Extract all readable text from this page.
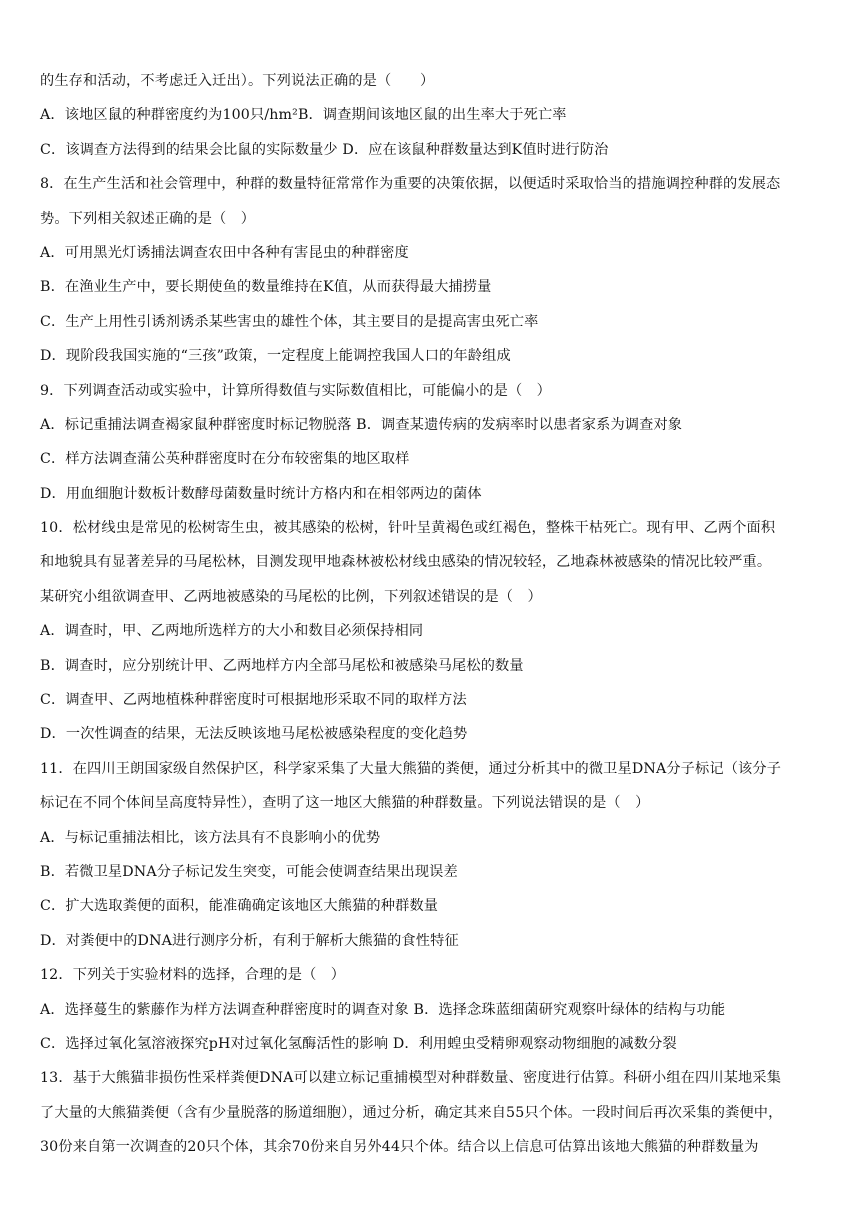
的生存和活动，不考虑迁入迁出）。下列说法正确的是（　　）
A．该地区鼠的种群密度约为100只/hm²B．调查期间该地区鼠的出生率大于死亡率
C．该调查方法得到的结果会比鼠的实际数量少 D．应在该鼠种群数量达到K值时进行防治
8．在生产生活和社会管理中，种群的数量特征常常作为重要的决策依据，以便适时采取恰当的措施调控种群的发展态
势。下列相关叙述正确的是（　）
A．可用黑光灯诱捕法调查农田中各种有害昆虫的种群密度
B．在渔业生产中，要长期使鱼的数量维持在K值，从而获得最大捕捞量
C．生产上用性引诱剂诱杀某些害虫的雄性个体，其主要目的是提高害虫死亡率
D．现阶段我国实施的“三孩”政策，一定程度上能调控我国人口的年龄组成
9．下列调查活动或实验中，计算所得数值与实际数值相比，可能偏小的是（　）
A．标记重捕法调查褐家鼠种群密度时标记物脱落 B．调查某遗传病的发病率时以患者家系为调查对象
C．样方法调查蒲公英种群密度时在分布较密集的地区取样
D．用血细胞计数板计数酵母菌数量时统计方格内和在相邻两边的菌体
10．松材线虫是常见的松树寄生虫，被其感染的松树，针叶呈黄褐色或红褐色，整株干枯死亡。现有甲、乙两个面积
和地貌具有显著差异的马尾松林，目测发现甲地森林被松材线虫感染的情况较轻，乙地森林被感染的情况比较严重。
某研究小组欲调查甲、乙两地被感染的马尾松的比例，下列叙述错误的是（　）
A．调查时，甲、乙两地所选样方的大小和数目必须保持相同
B．调查时，应分别统计甲、乙两地样方内全部马尾松和被感染马尾松的数量
C．调查甲、乙两地植株种群密度时可根据地形采取不同的取样方法
D．一次性调查的结果，无法反映该地马尾松被感染程度的变化趋势
11．在四川王朗国家级自然保护区，科学家采集了大量大熊猫的粪便，通过分析其中的微卫星DNA分子标记（该分子
标记在不同个体间呈高度特异性），查明了这一地区大熊猫的种群数量。下列说法错误的是（　）
A．与标记重捕法相比，该方法具有不良影响小的优势
B．若微卫星DNA分子标记发生突变，可能会使调查结果出现误差
C．扩大选取粪便的面积，能准确确定该地区大熊猫的种群数量
D．对粪便中的DNA进行测序分析，有利于解析大熊猫的食性特征
12．下列关于实验材料的选择，合理的是（　）
A．选择蔓生的紫藤作为样方法调查种群密度时的调查对象 B．选择念珠蓝细菌研究观察叶绿体的结构与功能
C．选择过氧化氢溶液探究pH对过氧化氢酶活性的影响 D．利用蝗虫受精卵观察动物细胞的减数分裂
13．基于大熊猫非损伤性采样粪便DNA可以建立标记重捕模型对种群数量、密度进行估算。科研小组在四川某地采集
了大量的大熊猫粪便（含有少量脱落的肠道细胞），通过分析，确定其来自55只个体。一段时间后再次采集的粪便中，
30份来自第一次调查的20只个体，其余70份来自另外44只个体。结合以上信息可估算出该地大熊猫的种群数量为
